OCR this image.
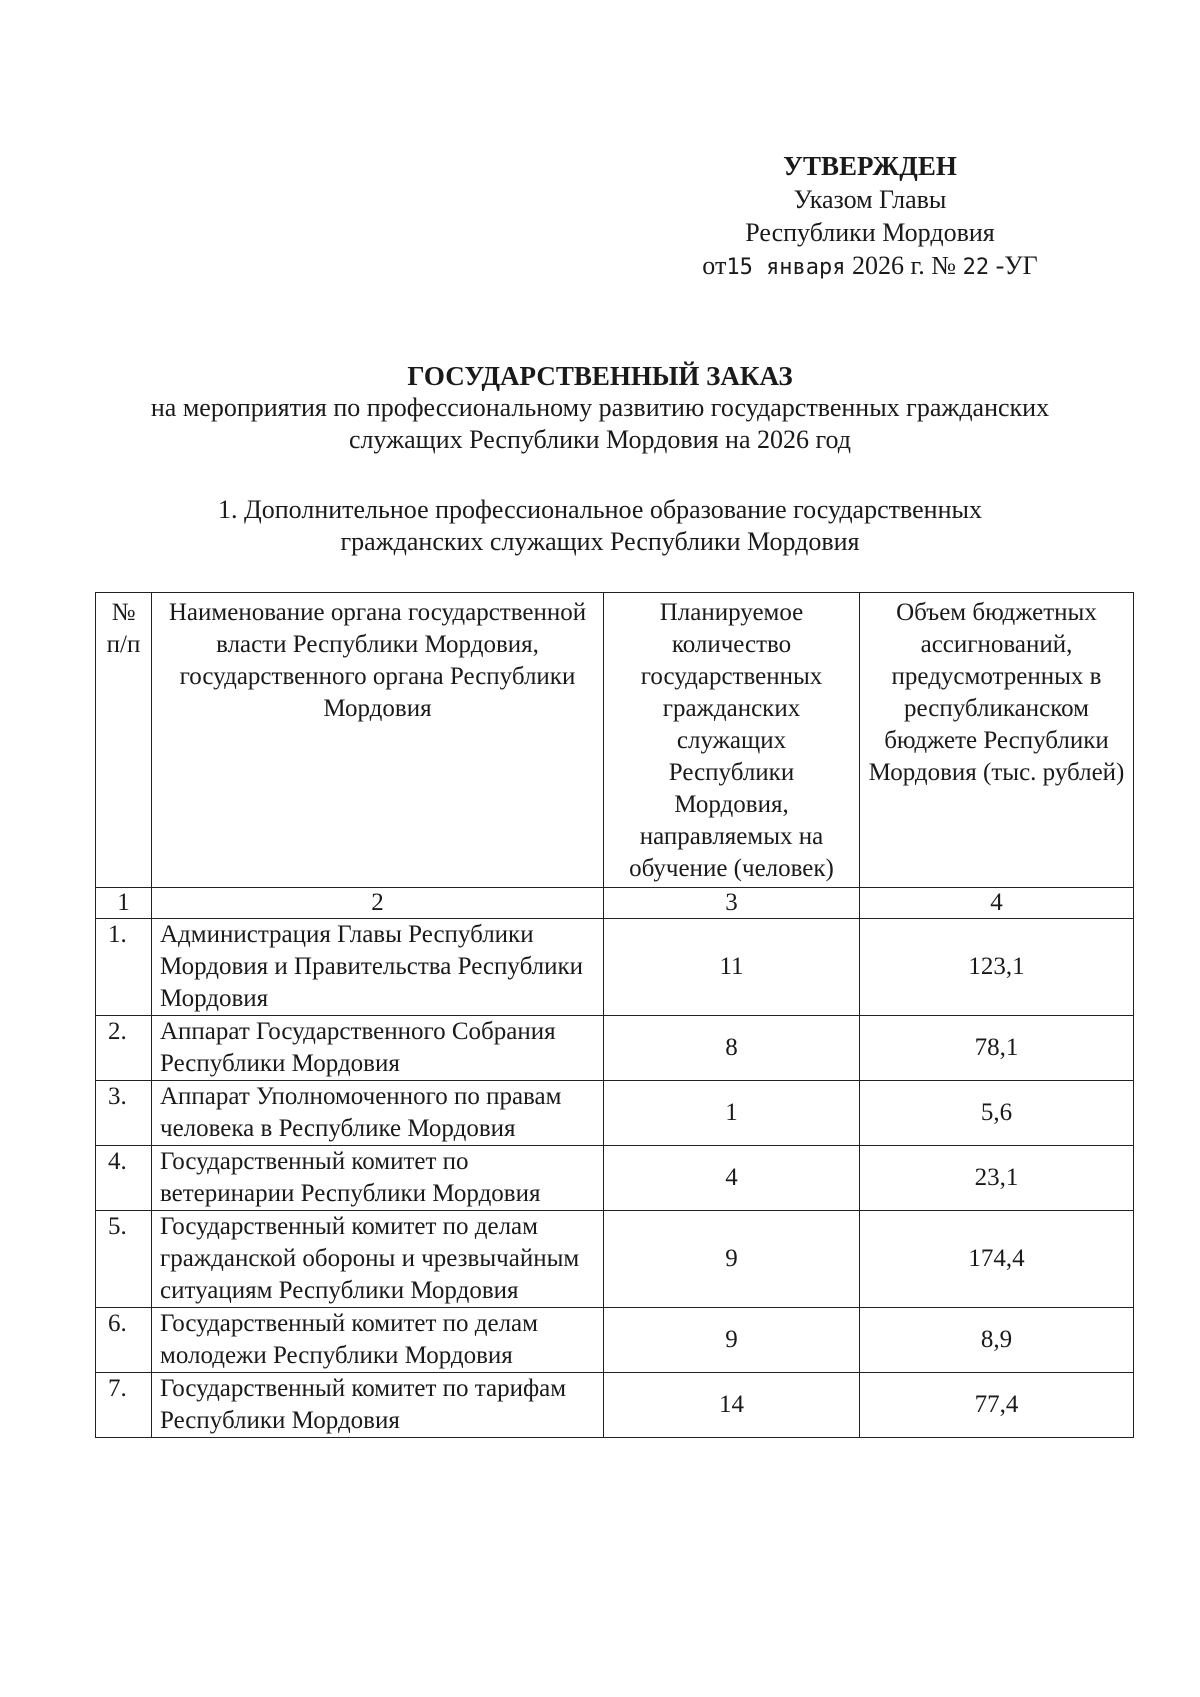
УТВЕРЖДЕН
Указом Главы
Республики Мордовия
от15 января 2026 г. № 22 -УГ
ГОСУДАРСТВЕННЫЙ ЗАКАЗ
на мероприятия по профессиональному развитию государственных гражданских
служащих Республики Мордовия на 2026 год
1. Дополнительное профессиональное образование государственных
гражданских служащих Республики Мордовия
№ п/п	Наименование органа государственной власти Республики Мордовия, государственного органа Республики Мордовия	Планируемое количество государственных гражданских служащих Республики Мордовия, направляемых на обучение (человек)	Объем бюджетных ассигнований, предусмотренных в республиканском бюджете Республики Мордовия (тыс. рублей)
1	2	3	4
1.	Администрация Главы Республики Мордовия и Правительства Республики Мордовия	11	123,1
2.	Аппарат Государственного Собрания Республики Мордовия	8	78,1
3.	Аппарат Уполномоченного по правам человека в Республике Мордовия	1	5,6
4.	Государственный комитет по ветеринарии Республики Мордовия	4	23,1
5.	Государственный комитет по делам гражданской обороны и чрезвычайным ситуациям Республики Мордовия	9	174,4
6.	Государственный комитет по делам молодежи Республики Мордовия	9	8,9
7.	Государственный комитет по тарифам Республики Мордовия	14	77,4
